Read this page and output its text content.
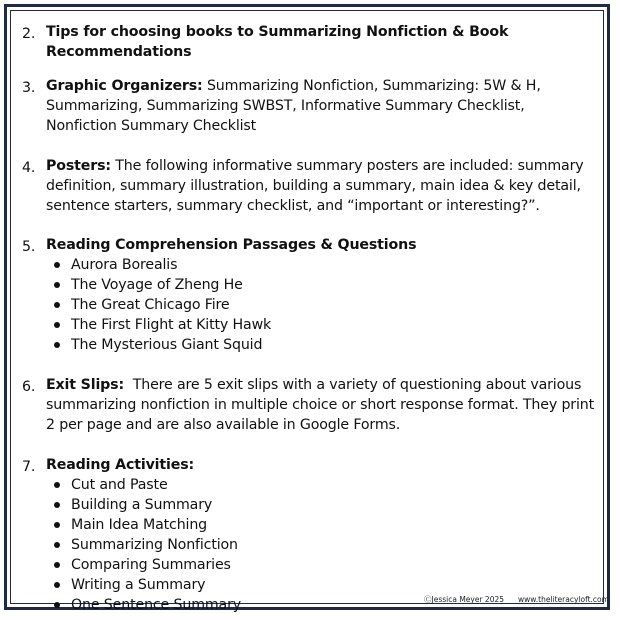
2. Tips for choosing books to Summarizing Nonfiction & Book Recommendations
3. Graphic Organizers: Summarizing Nonfiction, Summarizing: 5W & H, Summarizing, Summarizing SWBST, Informative Summary Checklist, Nonfiction Summary Checklist
4. Posters: The following informative summary posters are included: summary definition, summary illustration, building a summary, main idea & key detail, sentence starters, summary checklist, and “important or interesting?”.
5. Reading Comprehension Passages & Questions
Aurora Borealis
The Voyage of Zheng He
The Great Chicago Fire
The First Flight at Kitty Hawk
The Mysterious Giant Squid
6. Exit Slips:  There are 5 exit slips with a variety of questioning about various summarizing nonfiction in multiple choice or short response format. They print 2 per page and are also available in Google Forms.
7. Reading Activities:
Cut and Paste
Building a Summary
Main Idea Matching
Summarizing Nonfiction
Comparing Summaries
Writing a Summary
One Sentence Summary	ⒸJessica Meyer 2025 www.theliteracyloft.com
